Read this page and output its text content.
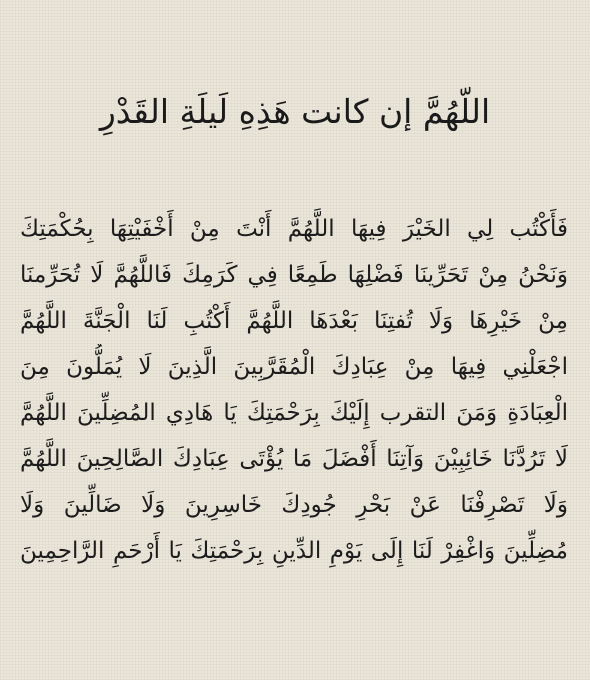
اللّهُمَّ إن كانت هَذِهِ لَيلَةِ القَدْرِ
فَأَكْتُب لِي الخَيْرَ فِيهَا اللَّهُمَّ أَنْتَ مِنْ أَخْفَيْتِهَا بِحُكْمَتِكَ
وَنَحْنُ مِنْ تَحَرِّينَا فَضْلِهَا طَمِعًا فِي كَرَمِكَ فَاللَّهُمَّ لَا تُحَرِّمنَا
مِنْ خَيْرِهَا وَلَا تُفتِنَا بَعْدَهَا اللَّهُمَّ أَكْتُبِ لَنَا الْجَنَّةَ اللَّهُمَّ
اجْعَلْنِي فِيهَا مِنْ عِبَادِكَ الْمُقَرَّبِينَ الَّذِينَ لَا يُمَلُّونَ مِنَ
الْعِبَادَةِ وَمَنَ التقرب إِلَيْكَ بِرَحْمَتِكَ يَا هَادِي المُضِلِّينَ اللَّهُمَّ
لَا تَرُدَّنَا خَائِبِيْنَ وَآتِنَا أَفْضَلَ مَا يُؤْتَى عِبَادِكَ الصَّالِحِينَ اللَّهُمَّ
وَلَا تَصْرِفْنَا عَنْ بَحْرِ جُودِكَ خَاسِرِينَ وَلَا ضَالِّينَ وَلَا
مُضِلِّينَ وَاغْفِرْ لَنَا إِلَى يَوْمِ الدِّينِ بِرَحْمَتِكَ يَا أَرْحَمِ الرَّاحِمِينَ
